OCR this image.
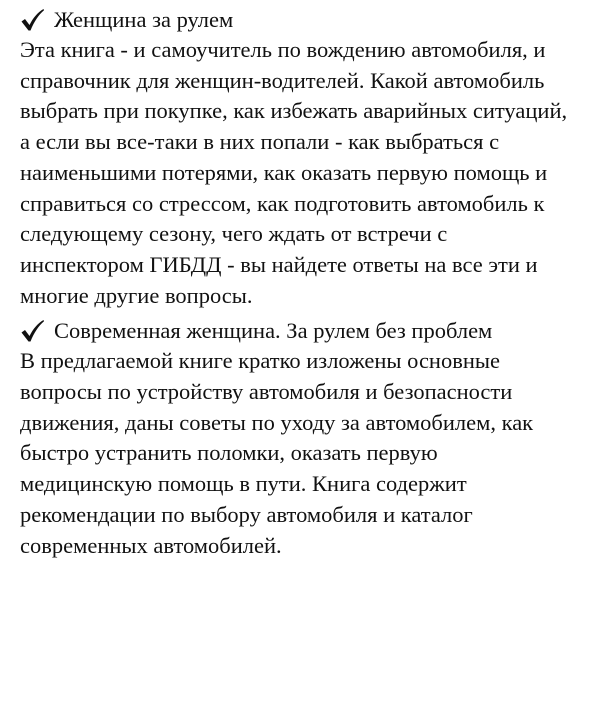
Женщина за рулем

Эта книга - и самоучитель по вождению автомобиля, и справочник для женщин-водителей. Какой автомобиль выбрать при покупке, как избежать аварийных ситуаций, а если вы все-таки в них попали - как выбраться с наименьшими потерями, как оказать первую помощь и справиться со стрессом, как подготовить автомобиль к следующему сезону, чего ждать от встречи с инспектором ГИБДД - вы найдете ответы на все эти и многие другие вопросы.

Современная женщина. За рулем без проблем

В предлагаемой книге кратко изложены основные вопросы по устройству автомобиля и безопасности движения, даны советы по уходу за автомобилем, как быстро устранить поломки, оказать первую медицинскую помощь в пути. Книга содержит рекомендации по выбору автомобиля и каталог современных автомобилей.
